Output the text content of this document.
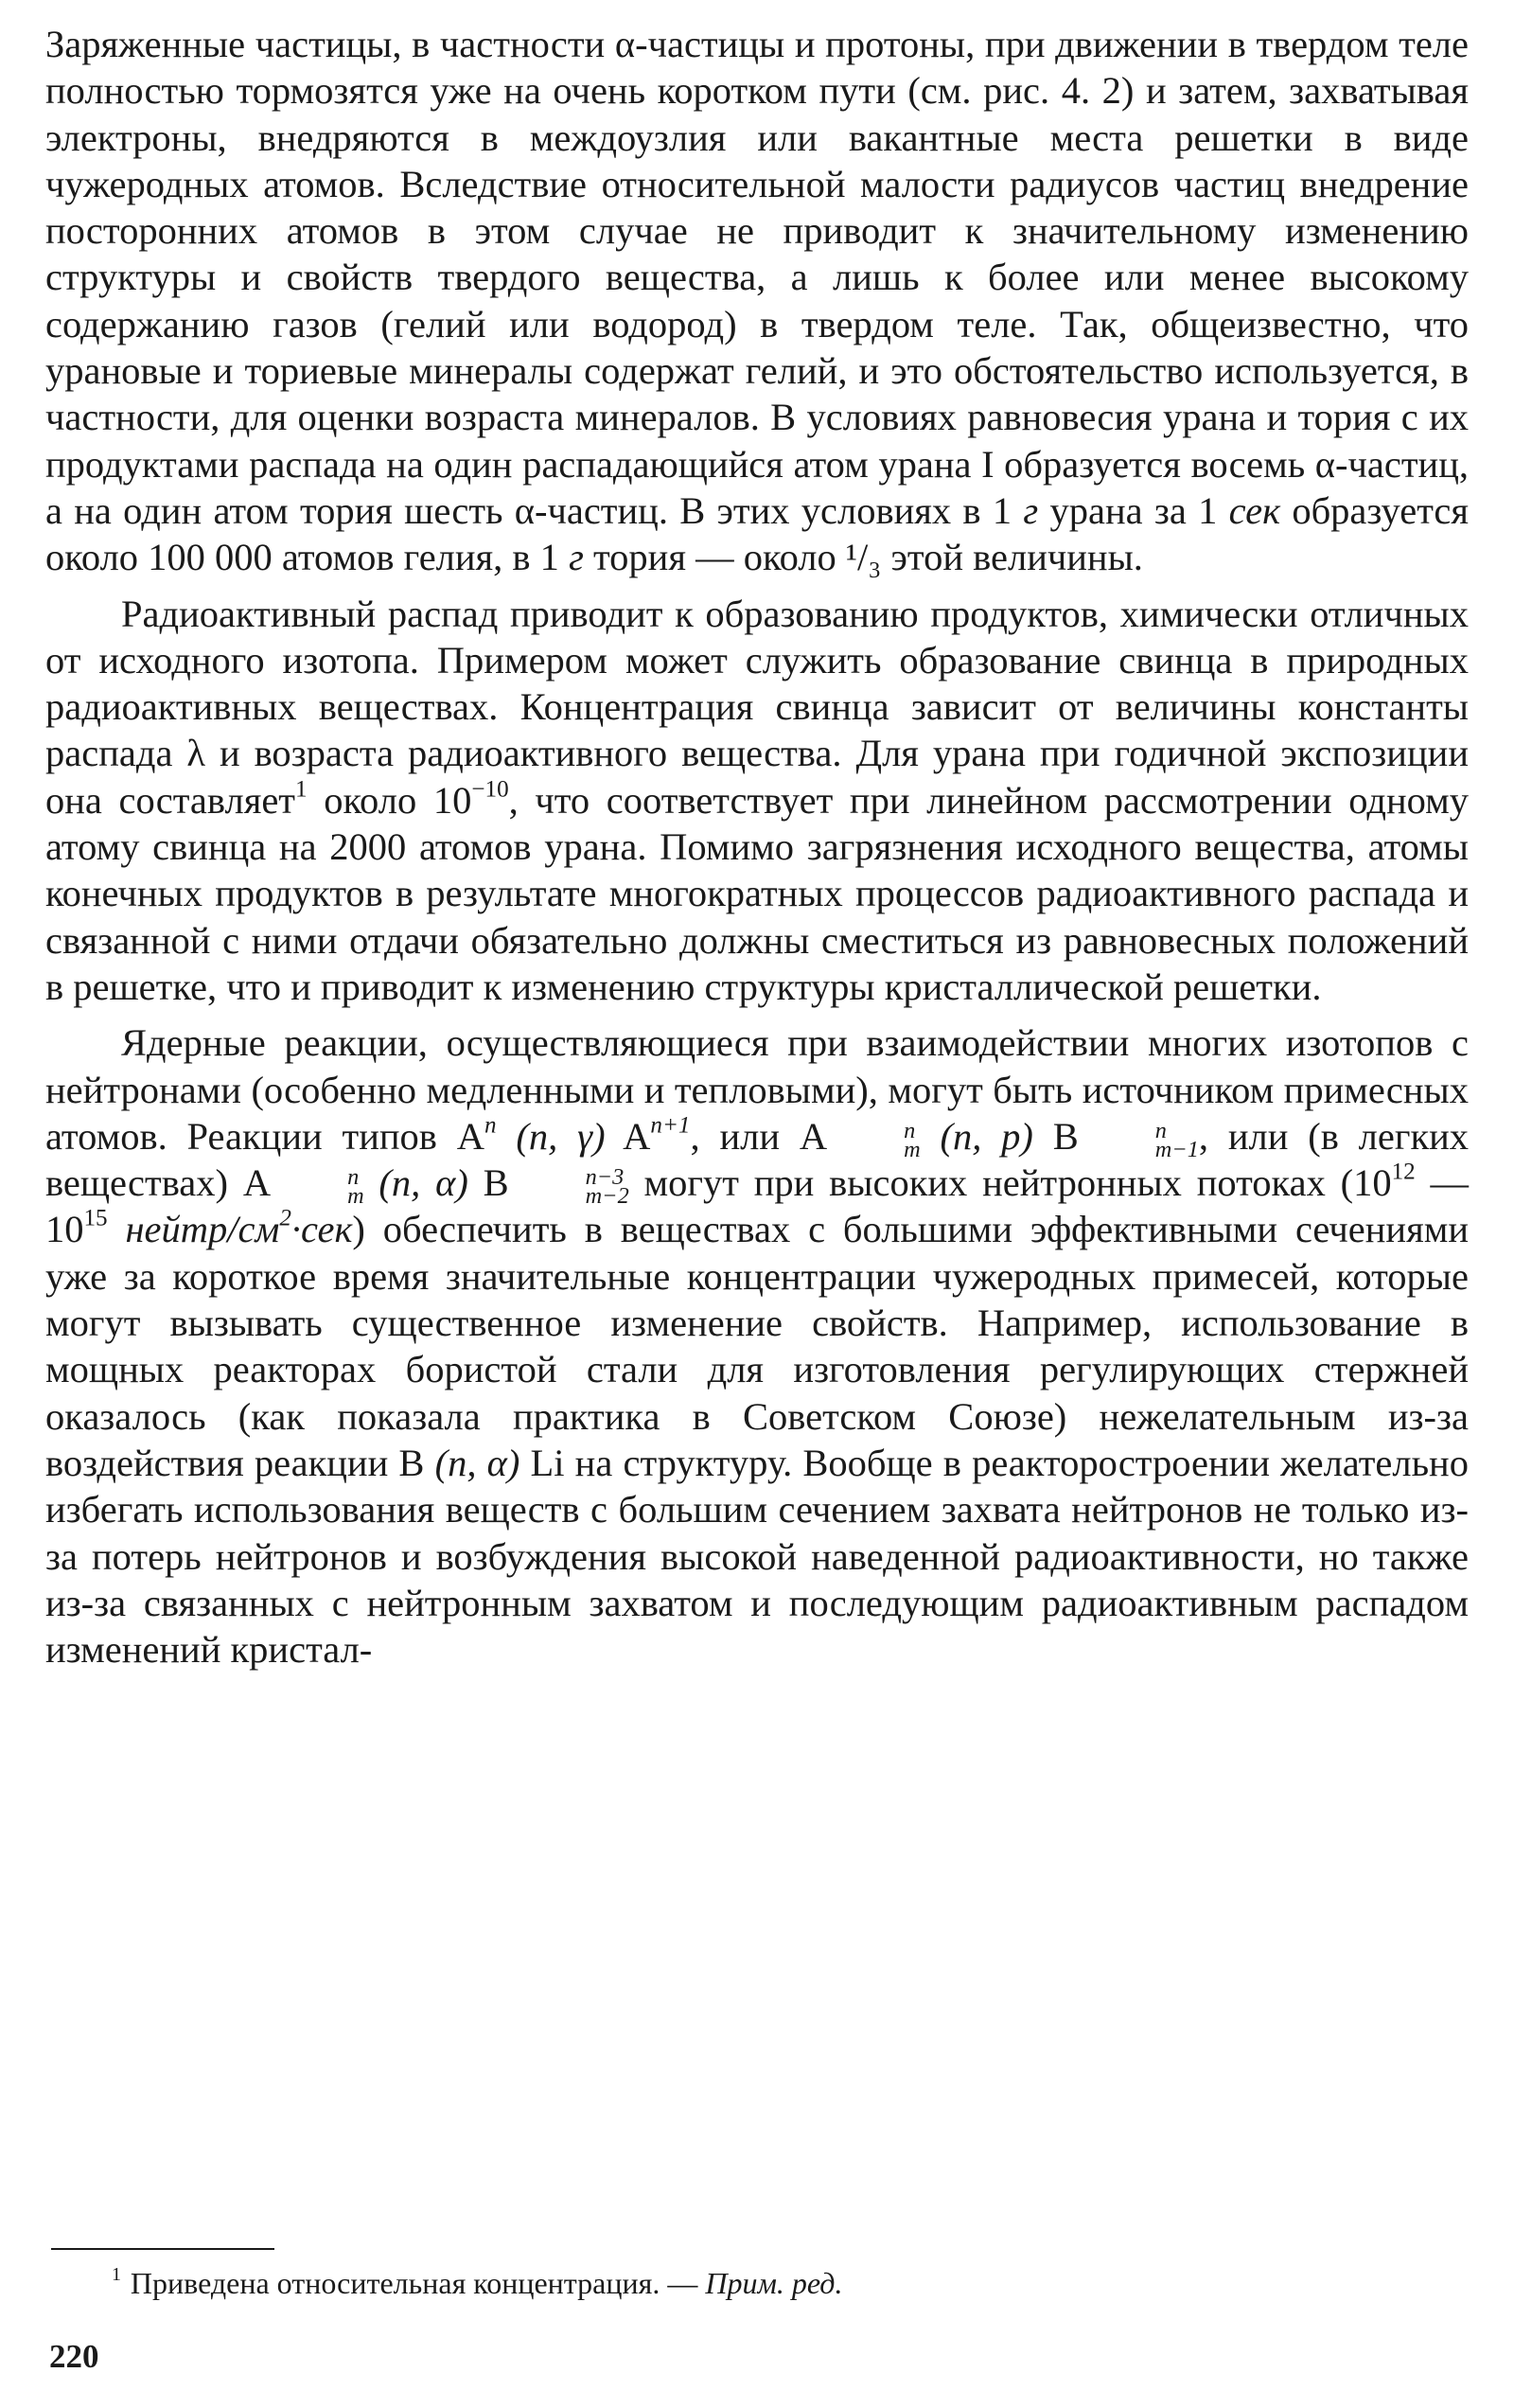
Заряженные частицы, в частности α-частицы и протоны, при движении в твердом теле полностью тормозятся уже на очень коротком пути (см. рис. 4. 2) и затем, захватывая электроны, внедряются в междоузлия или вакантные места решетки в виде чужеродных атомов. Вследствие относительной малости радиусов частиц внедрение посторонних атомов в этом случае не приводит к значительному изменению структуры и свойств твердого вещества, а лишь к более или менее высокому содержанию газов (гелий или водород) в твердом теле. Так, общеизвестно, что урановые и ториевые минералы содержат гелий, и это обстоятельство используется, в частности, для оценки возраста минералов. В условиях равновесия урана и тория с их продуктами распада на один распадающийся атом урана I образуется восемь α-частиц, а на один атом тория шесть α-частиц. В этих условиях в 1 г урана за 1 сек образуется около 100 000 атомов гелия, в 1 г тория — около ¹/₃ этой величины.

Радиоактивный распад приводит к образованию продуктов, химически отличных от исходного изотопа. Примером может служить образование свинца в природных радиоактивных веществах. Концентрация свинца зависит от величины константы распада λ и возраста радиоактивного вещества. Для урана при годичной экспозиции она составляет$^1$ около $10^{-10}$, что соответствует при линейном рассмотрении одному атому свинца на 2000 атомов урана. Помимо загрязнения исходного вещества, атомы конечных продуктов в результате многократных процессов радиоактивного распада и связанной с ними отдачи обязательно должны сместиться из равновесных положений в решетке, что и приводит к изменению структуры кристаллической решетки.

Ядерные реакции, осуществляющиеся при взаимодействии многих изотопов с нейтронами (особенно медленными и тепловыми), могут быть источником примесных атомов. Реакции типов $A^n$ (n, γ) $A^{n+1}$, или A	n
m (n, p) B	n
m−1 , или (в легких веществах) A	n
m (n, α) B	n−3
m−2 могут при высоких нейтронных потоках ($10^{12}$ — $10^{15}$ нейтр/$см^2\cdot сек$) обеспечить в веществах с большими эффективными сечениями уже за короткое время значительные концентрации чужеродных примесей, которые могут вызывать существенное изменение свойств. Например, использование в мощных реакторах бористой стали для изготовления регулирующих стержней оказалось (как показала практика в Советском Союзе) нежелательным из-за воздействия реакции B (n, α) Li на структуру. Вообще в реакторостроении желательно избегать использования веществ с большим сечением захвата нейтронов не только из-за потерь нейтронов и возбуждения высокой наведенной радиоактивности, но также из-за связанных с нейтронным захватом и последующим радиоактивным распадом изменений кристал-

$^1$ Приведена относительная концентрация. — Прим. ред.
220
